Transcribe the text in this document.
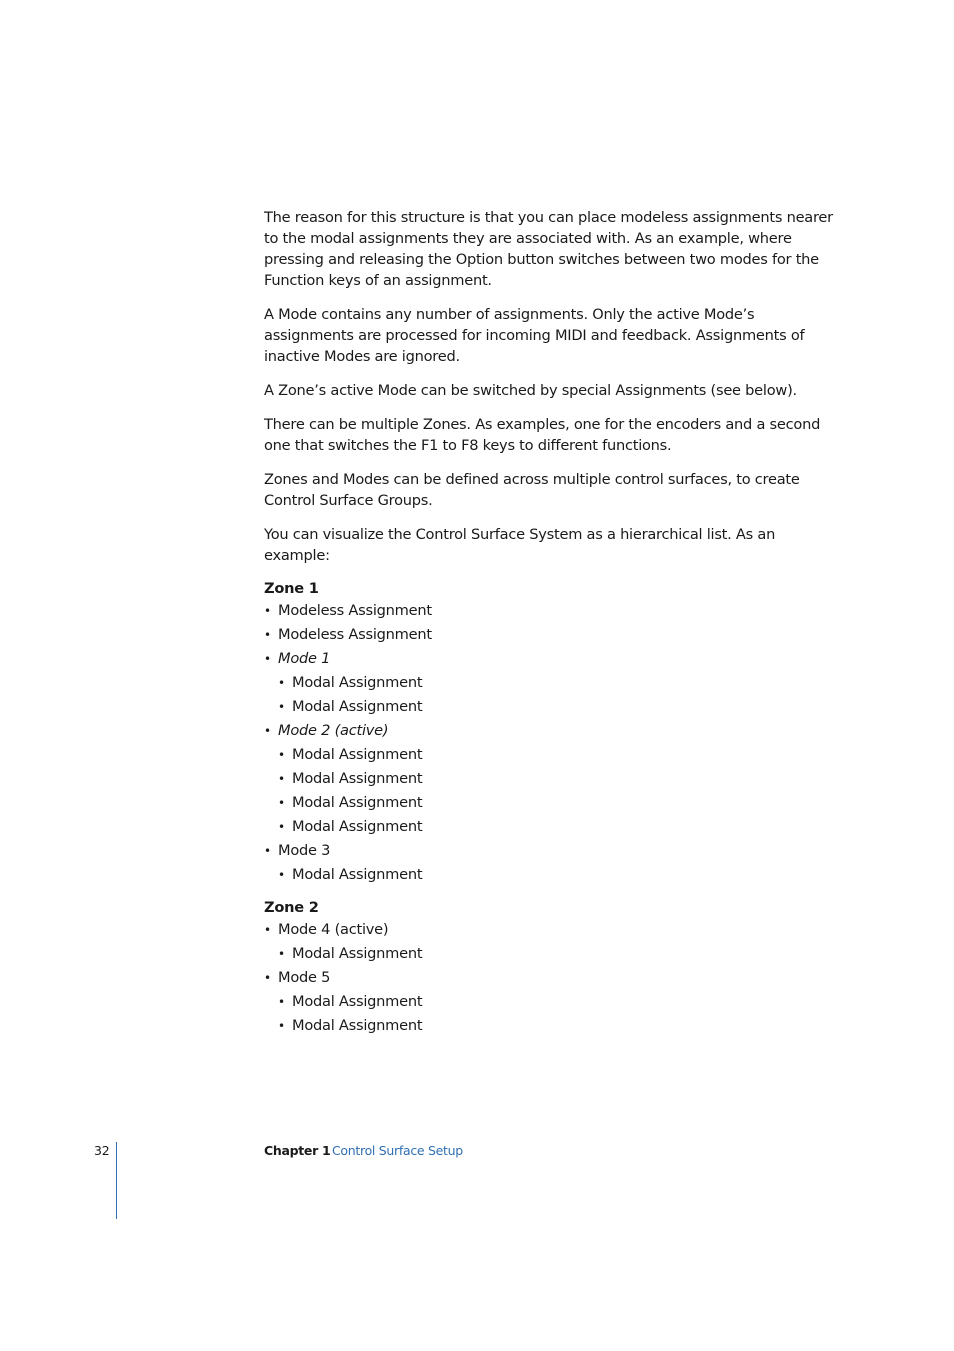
The reason for this structure is that you can place modeless assignments nearer to the modal assignments they are associated with. As an example, where pressing and releasing the Option button switches between two modes for the Function keys of an assignment.

A Mode contains any number of assignments. Only the active Mode’s assignments are processed for incoming MIDI and feedback. Assignments of inactive Modes are ignored.

A Zone’s active Mode can be switched by special Assignments (see below).

There can be multiple Zones. As examples, one for the encoders and a second one that switches the F1 to F8 keys to different functions.

Zones and Modes can be defined across multiple control surfaces, to create Control Surface Groups.

You can visualize the Control Surface System as a hierarchical list. As an example:

Zone 1
• Modeless Assignment
• Modeless Assignment
• Mode 1
• Modal Assignment
• Modal Assignment
• Mode 2 (active)
• Modal Assignment
• Modal Assignment
• Modal Assignment
• Modal Assignment
• Mode 3
• Modal Assignment
Zone 2
• Mode 4 (active)
• Modal Assignment
• Mode 5
• Modal Assignment
• Modal Assignment
32	Chapter 1 Control Surface Setup
